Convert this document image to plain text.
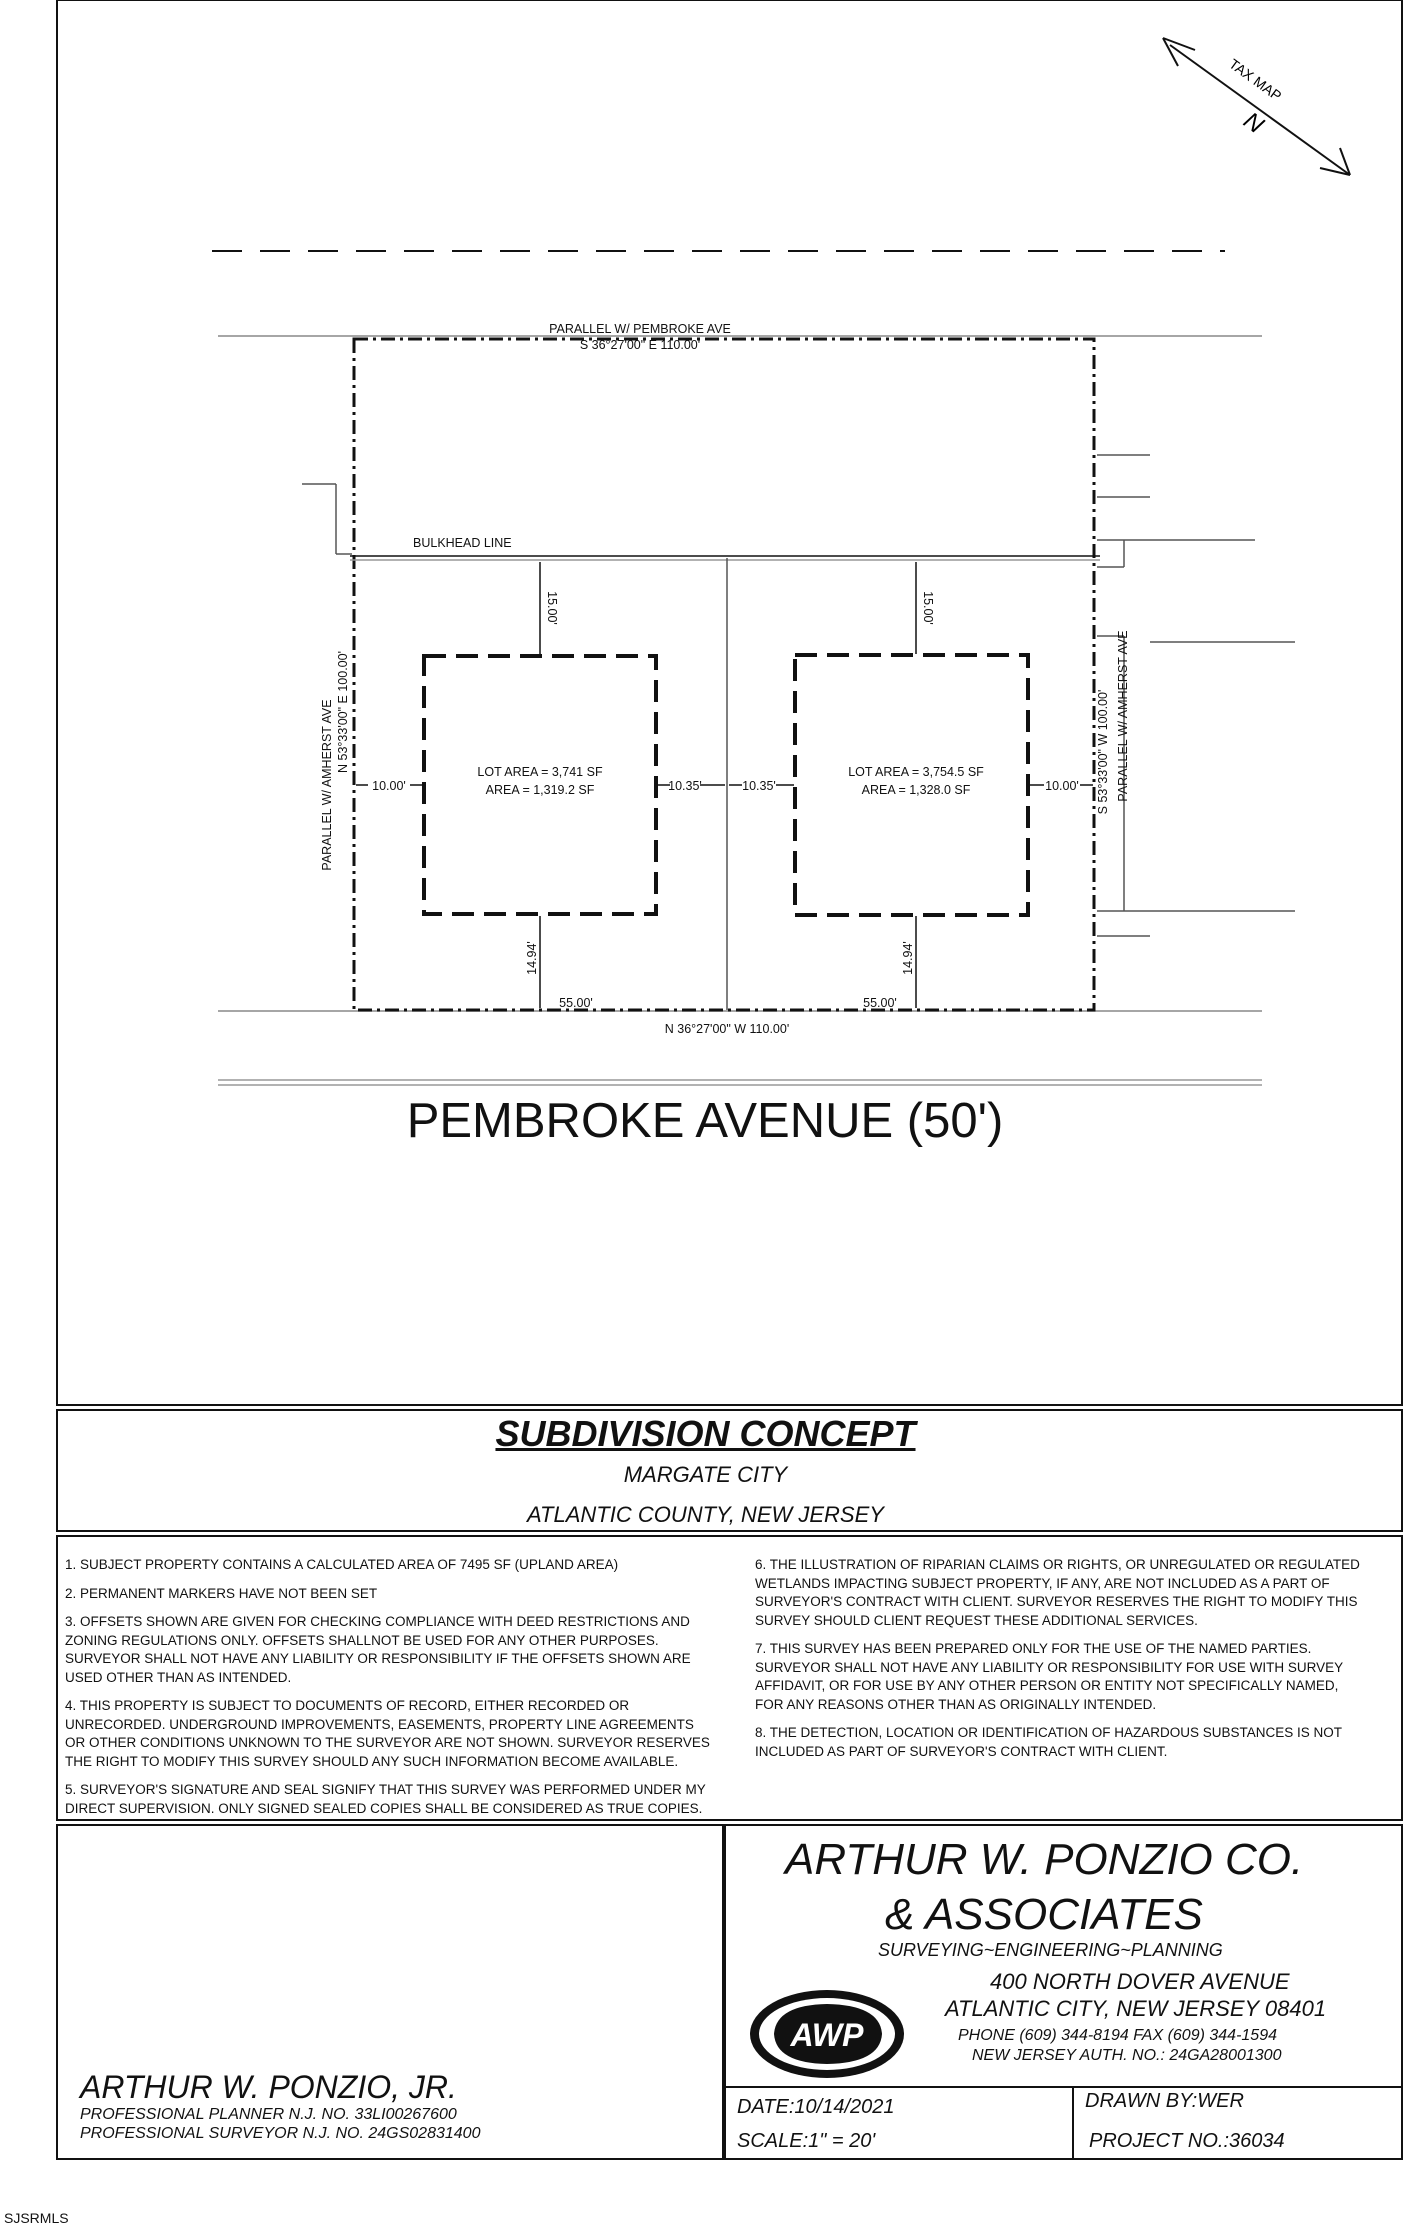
TAX MAP
N
PARALLEL W/ PEMBROKE AVE
S 36°27'00" E 110.00'
BULKHEAD LINE
PARALLEL W/ AMHERST AVE N 53°33'00" E 100.00'	S 53°33'00" W 100.00' PARALLEL W/ AMHERST AVE
LOT AREA = 3,741 SF
AREA = 1,319.2 SF
LOT AREA = 3,754.5 SF
AREA = 1,328.0 SF
15.00'	15.00'
14.94'	14.94'
10.00'	10.35'	10.35'	10.00'
55.00'	55.00'
N 36°27'00" W 110.00'
PEMBROKE AVENUE (50')
AWP
SUBDIVISION CONCEPT
MARGATE CITY
ATLANTIC COUNTY, NEW JERSEY

1. SUBJECT PROPERTY CONTAINS A CALCULATED AREA OF 7495 SF (UPLAND AREA)

2. PERMANENT MARKERS HAVE NOT BEEN SET

3. OFFSETS SHOWN ARE GIVEN FOR CHECKING COMPLIANCE WITH DEED RESTRICTIONS AND ZONING REGULATIONS ONLY. OFFSETS SHALLNOT BE USED FOR ANY OTHER PURPOSES. SURVEYOR SHALL NOT HAVE ANY LIABILITY OR RESPONSIBILITY IF THE OFFSETS SHOWN ARE USED OTHER THAN AS INTENDED.

4. THIS PROPERTY IS SUBJECT TO DOCUMENTS OF RECORD, EITHER RECORDED OR UNRECORDED. UNDERGROUND IMPROVEMENTS, EASEMENTS, PROPERTY LINE AGREEMENTS OR OTHER CONDITIONS UNKNOWN TO THE SURVEYOR ARE NOT SHOWN. SURVEYOR RESERVES THE RIGHT TO MODIFY THIS SURVEY SHOULD ANY SUCH INFORMATION BECOME AVAILABLE.

5. SURVEYOR'S SIGNATURE AND SEAL SIGNIFY THAT THIS SURVEY WAS PERFORMED UNDER MY DIRECT SUPERVISION. ONLY SIGNED SEALED COPIES SHALL BE CONSIDERED AS TRUE COPIES.

6. THE ILLUSTRATION OF RIPARIAN CLAIMS OR RIGHTS, OR UNREGULATED OR REGULATED WETLANDS IMPACTING SUBJECT PROPERTY, IF ANY, ARE NOT INCLUDED AS A PART OF SURVEYOR'S CONTRACT WITH CLIENT. SURVEYOR RESERVES THE RIGHT TO MODIFY THIS SURVEY SHOULD CLIENT REQUEST THESE ADDITIONAL SERVICES.

7. THIS SURVEY HAS BEEN PREPARED ONLY FOR THE USE OF THE NAMED PARTIES. SURVEYOR SHALL NOT HAVE ANY LIABILITY OR RESPONSIBILITY FOR USE WITH SURVEY AFFIDAVIT, OR FOR USE BY ANY OTHER PERSON OR ENTITY NOT SPECIFICALLY NAMED, FOR ANY REASONS OTHER THAN AS ORIGINALLY INTENDED.

8. THE DETECTION, LOCATION OR IDENTIFICATION OF HAZARDOUS SUBSTANCES IS NOT INCLUDED AS PART OF SURVEYOR'S CONTRACT WITH CLIENT.

ARTHUR W. PONZIO, JR.
PROFESSIONAL PLANNER N.J. NO. 33LI00267600
PROFESSIONAL SURVEYOR N.J. NO. 24GS02831400
ARTHUR W. PONZIO CO.
& ASSOCIATES
SURVEYING~ENGINEERING~PLANNING
400 NORTH DOVER AVENUE
ATLANTIC CITY, NEW JERSEY 08401
PHONE (609) 344-8194 FAX (609) 344-1594
NEW JERSEY AUTH. NO.: 24GA28001300
DATE:10/14/2021	DRAWN BY:WER
SCALE:1" = 20'	PROJECT NO.:36034
SJSRMLS
